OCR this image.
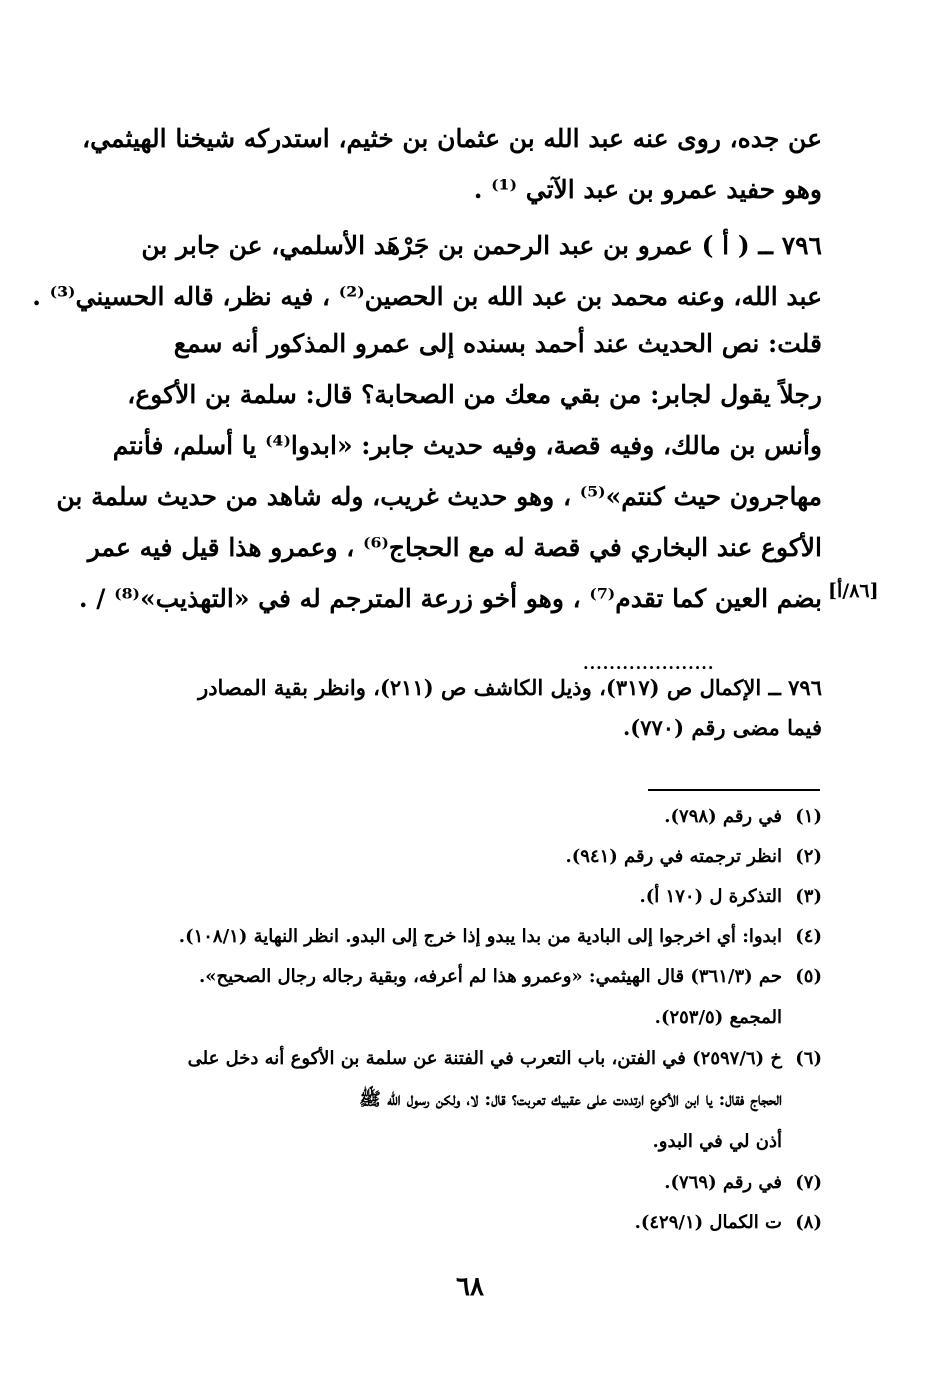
عن جده، روى عنه عبد الله بن عثمان بن خثيم، استدركه شيخنا الهيثمي،
وهو حفيد عمرو بن عبد الآتي ⁽¹⁾ .
٧٩٦ ــ ( أ ) عمرو بن عبد الرحمن بن جَرْهَد الأسلمي، عن جابر بن
عبد الله، وعنه محمد بن عبد الله بن الحصين⁽²⁾ ، فيه نظر، قاله الحسيني⁽³⁾ .
قلت: نص الحديث عند أحمد بسنده إلى عمرو المذكور أنه سمع
رجلاً يقول لجابر: من بقي معك من الصحابة؟ قال: سلمة بن الأكوع،
وأنس بن مالك، وفيه قصة، وفيه حديث جابر: «ابدوا⁽⁴⁾ يا أسلم، فأنتم
مهاجرون حيث كنتم»⁽⁵⁾ ، وهو حديث غريب، وله شاهد من حديث سلمة بن
الأكوع عند البخاري في قصة له مع الحجاج⁽⁶⁾ ، وعمرو هذا قيل فيه عمر
بضم العين كما تقدم⁽⁷⁾ ، وهو أخو زرعة المترجم له في «التهذيب»⁽⁸⁾ / . [٨٦/أ]
....................
٧٩٦ ــ الإكمال ص (٣١٧)، وذيل الكاشف ص (٢١١)، وانظر بقية المصادر
فيما مضى رقم (٧٧٠).
(١)
في رقم (٧٩٨).
(٢)
انظر ترجمته في رقم (٩٤١).
(٣)
التذكرة ل (١٧٠ أ).
(٤)
ابدوا: أي اخرجوا إلى البادية من بدا يبدو إذا خرج إلى البدو. انظر النهاية (١٠٨/١).
(٥)
حم (٣٦١/٣) قال الهيثمي: «وعمرو هذا لم أعرفه، وبقية رجاله رجال الصحيح».
المجمع (٢٥٣/٥).
(٦)
خ (٢٥٩٧/٦) في الفتن، باب التعرب في الفتنة عن سلمة بن الأكوع أنه دخل على
الحجاج فقال: يا ابن الأكوع ارتددت على عقبيك تعربت؟ قال: لا، ولكن رسول الله ﷺ
أذن لي في البدو.
(٧)
في رقم (٧٦٩).
(٨)
ت الكمال (٤٢٩/١).
٦٨
